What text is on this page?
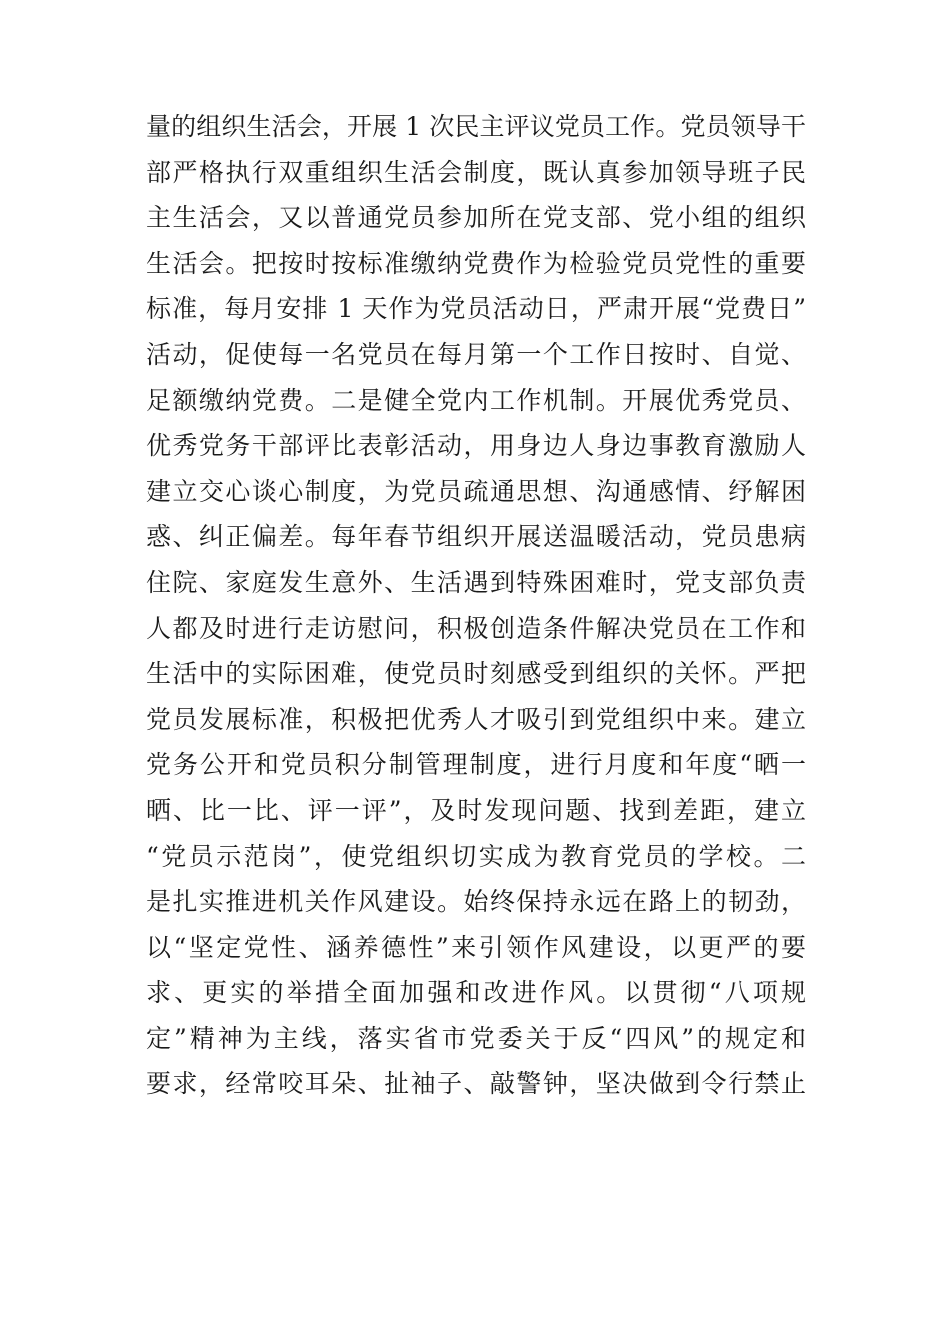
量的组织生活会，开展 1 次民主评议党员工作。党员领导干
部严格执行双重组织生活会制度，既认真参加领导班子民
主生活会，又以普通党员参加所在党支部、党小组的组织
生活会。把按时按标准缴纳党费作为检验党员党性的重要
标准，每月安排 1 天作为党员活动日，严肃开展“党费日”
活动，促使每一名党员在每月第一个工作日按时、自觉、
足额缴纳党费。二是健全党内工作机制。开展优秀党员、
优秀党务干部评比表彰活动，用身边人身边事教育激励人
建立交心谈心制度，为党员疏通思想、沟通感情、纾解困
惑、纠正偏差。每年春节组织开展送温暖活动，党员患病
住院、家庭发生意外、生活遇到特殊困难时，党支部负责
人都及时进行走访慰问，积极创造条件解决党员在工作和
生活中的实际困难，使党员时刻感受到组织的关怀。严把
党员发展标准，积极把优秀人才吸引到党组织中来。建立
党务公开和党员积分制管理制度，进行月度和年度“晒一
晒、比一比、评一评”，及时发现问题、找到差距，建立
“党员示范岗”，使党组织切实成为教育党员的学校。二
是扎实推进机关作风建设。始终保持永远在路上的韧劲，
以“坚定党性、涵养德性”来引领作风建设，以更严的要
求、更实的举措全面加强和改进作风。以贯彻“八项规
定”精神为主线，落实省市党委关于反“四风”的规定和
要求，经常咬耳朵、扯袖子、敲警钟，坚决做到令行禁止
